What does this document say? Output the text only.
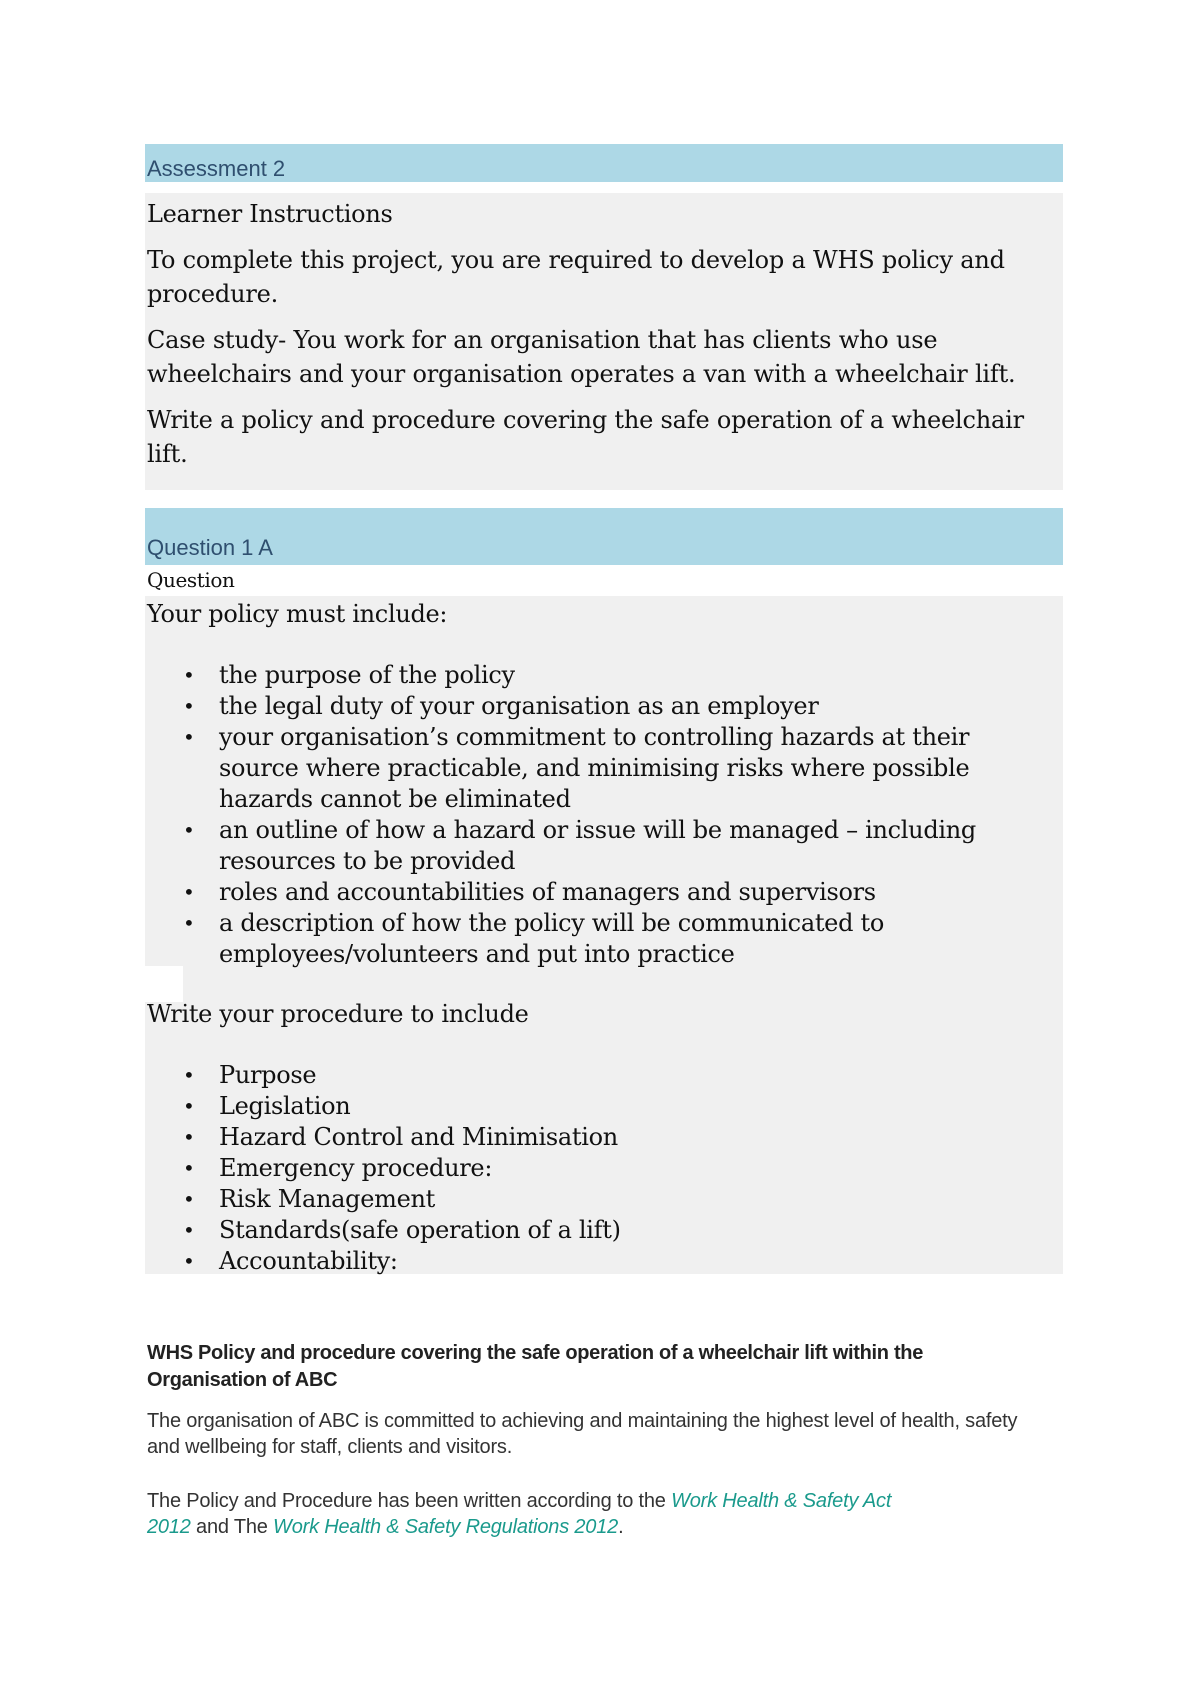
Assessment 2
Learner Instructions

To complete this project, you are required to develop a WHS policy and procedure.

Case study- You work for an organisation that has clients who use wheelchairs and your organisation operates a van with a wheelchair lift.

Write a policy and procedure covering the safe operation of a wheelchair lift.

Question 1 A
Question

Your policy must include:

• the purpose of the policy
• the legal duty of your organisation as an employer
• your organisation’s commitment to controlling hazards at their source where practicable, and minimising risks where possible hazards cannot be eliminated
• an outline of how a hazard or issue will be managed – including resources to be provided
• roles and accountabilities of managers and supervisors
• a description of how the policy will be communicated to employees/volunteers and put into practice

Write your procedure to include

• Purpose
• Legislation
• Hazard Control and Minimisation
• Emergency procedure:
• Risk Management
• Standards(safe operation of a lift)
• Accountability:

WHS Policy and procedure covering the safe operation of a wheelchair lift within the Organisation of ABC

The organisation of ABC is committed to achieving and maintaining the highest level of health, safety and wellbeing for staff, clients and visitors.

The Policy and Procedure has been written according to the Work Health & Safety Act 2012 and The Work Health & Safety Regulations 2012.
